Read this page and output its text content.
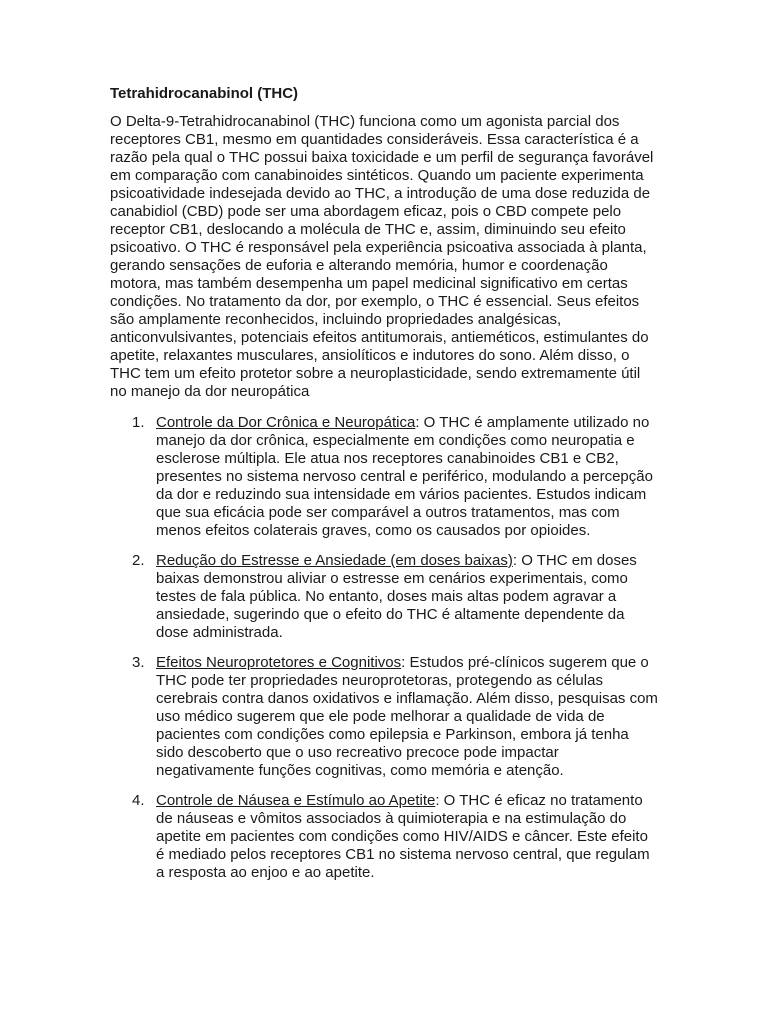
Tetrahidrocanabinol (THC)
O Delta-9-Tetrahidrocanabinol (THC) funciona como um agonista parcial dos receptores CB1, mesmo em quantidades consideráveis. Essa característica é a razão pela qual o THC possui baixa toxicidade e um perfil de segurança favorável em comparação com canabinoides sintéticos. Quando um paciente experimenta psicoatividade indesejada devido ao THC, a introdução de uma dose reduzida de canabidiol (CBD) pode ser uma abordagem eficaz, pois o CBD compete pelo receptor CB1, deslocando a molécula de THC e, assim, diminuindo seu efeito psicoativo. O THC é responsável pela experiência psicoativa associada à planta, gerando sensações de euforia e alterando memória, humor e coordenação motora, mas também desempenha um papel medicinal significativo em certas condições. No tratamento da dor, por exemplo, o THC é essencial. Seus efeitos são amplamente reconhecidos, incluindo propriedades analgésicas, anticonvulsivantes, potenciais efeitos antitumorais, antieméticos, estimulantes do apetite, relaxantes musculares, ansiolíticos e indutores do sono. Além disso, o THC tem um efeito protetor sobre a neuroplasticidade, sendo extremamente útil no manejo da dor neuropática
1. Controle da Dor Crônica e Neuropática: O THC é amplamente utilizado no manejo da dor crônica, especialmente em condições como neuropatia e esclerose múltipla. Ele atua nos receptores canabinoides CB1 e CB2, presentes no sistema nervoso central e periférico, modulando a percepção da dor e reduzindo sua intensidade em vários pacientes. Estudos indicam que sua eficácia pode ser comparável a outros tratamentos, mas com menos efeitos colaterais graves, como os causados por opioides.
2. Redução do Estresse e Ansiedade (em doses baixas): O THC em doses baixas demonstrou aliviar o estresse em cenários experimentais, como testes de fala pública. No entanto, doses mais altas podem agravar a ansiedade, sugerindo que o efeito do THC é altamente dependente da dose administrada.
3. Efeitos Neuroprotetores e Cognitivos: Estudos pré-clínicos sugerem que o THC pode ter propriedades neuroprotetoras, protegendo as células cerebrais contra danos oxidativos e inflamação. Além disso, pesquisas com uso médico sugerem que ele pode melhorar a qualidade de vida de pacientes com condições como epilepsia e Parkinson, embora já tenha sido descoberto que o uso recreativo precoce pode impactar negativamente funções cognitivas, como memória e atenção.
4. Controle de Náusea e Estímulo ao Apetite: O THC é eficaz no tratamento de náuseas e vômitos associados à quimioterapia e na estimulação do apetite em pacientes com condições como HIV/AIDS e câncer. Este efeito é mediado pelos receptores CB1 no sistema nervoso central, que regulam a resposta ao enjoo e ao apetite.
